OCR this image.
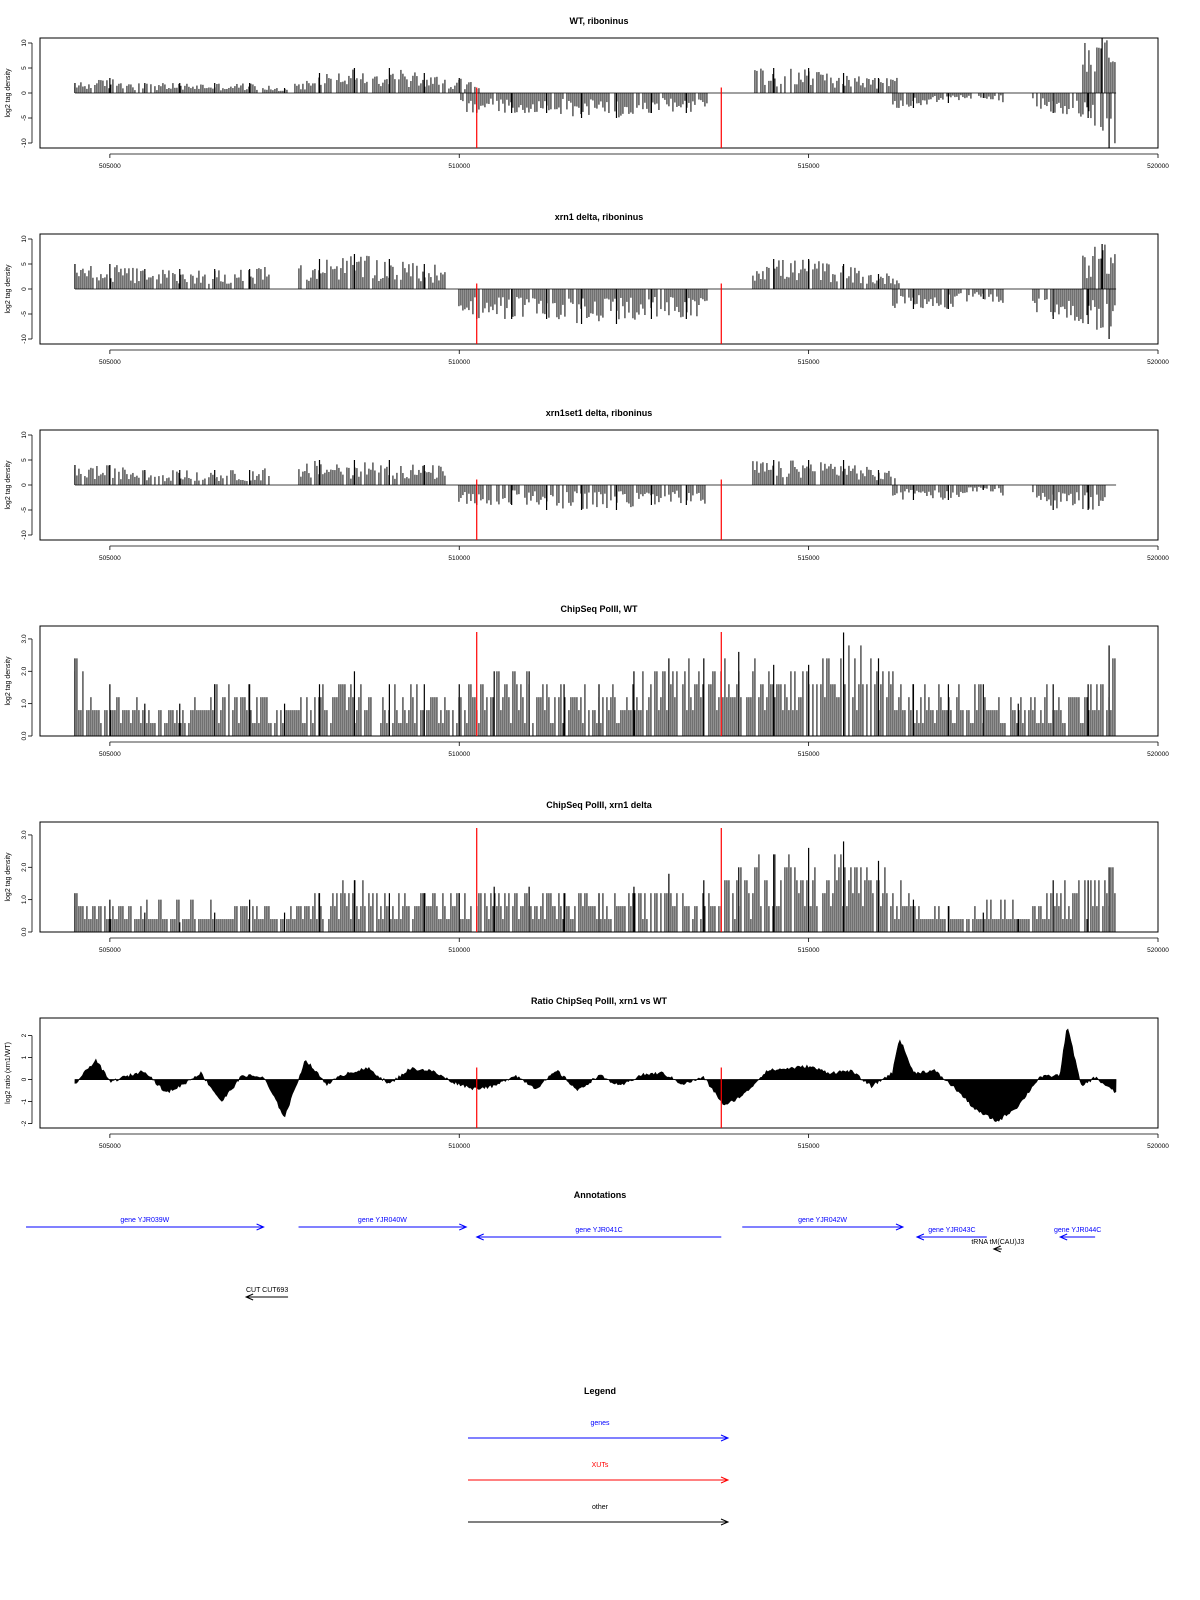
WT, riboninus
-10
-5
0
5
10
log2 tag density
505000	510000	515000	520000
xrn1 delta, riboninus
-10
-5
0
5
10
log2 tag density
505000	510000	515000	520000
xrn1set1 delta, riboninus
-10
-5
0
5
10
log2 tag density
505000	510000	515000	520000
ChipSeq PolII, WT
0.0
1.0
2.0
3.0
log2 tag density
505000	510000	515000	520000
ChipSeq PolII, xrn1 delta
0.0
1.0
2.0
3.0
log2 tag density
505000	510000	515000	520000
Ratio ChipSeq PolII, xrn1 vs WT
-2
-1
0
1
2
log2 ratio (xrn1/WT)
505000	510000	515000	520000
Annotations
gene YJR039W	gene YJR040W
gene YJR041C
gene YJR042W
gene YJR043C	gene YJR044C
tRNA tM(CAU)J3
CUT CUT693
Legend
genes
XUTs
other
